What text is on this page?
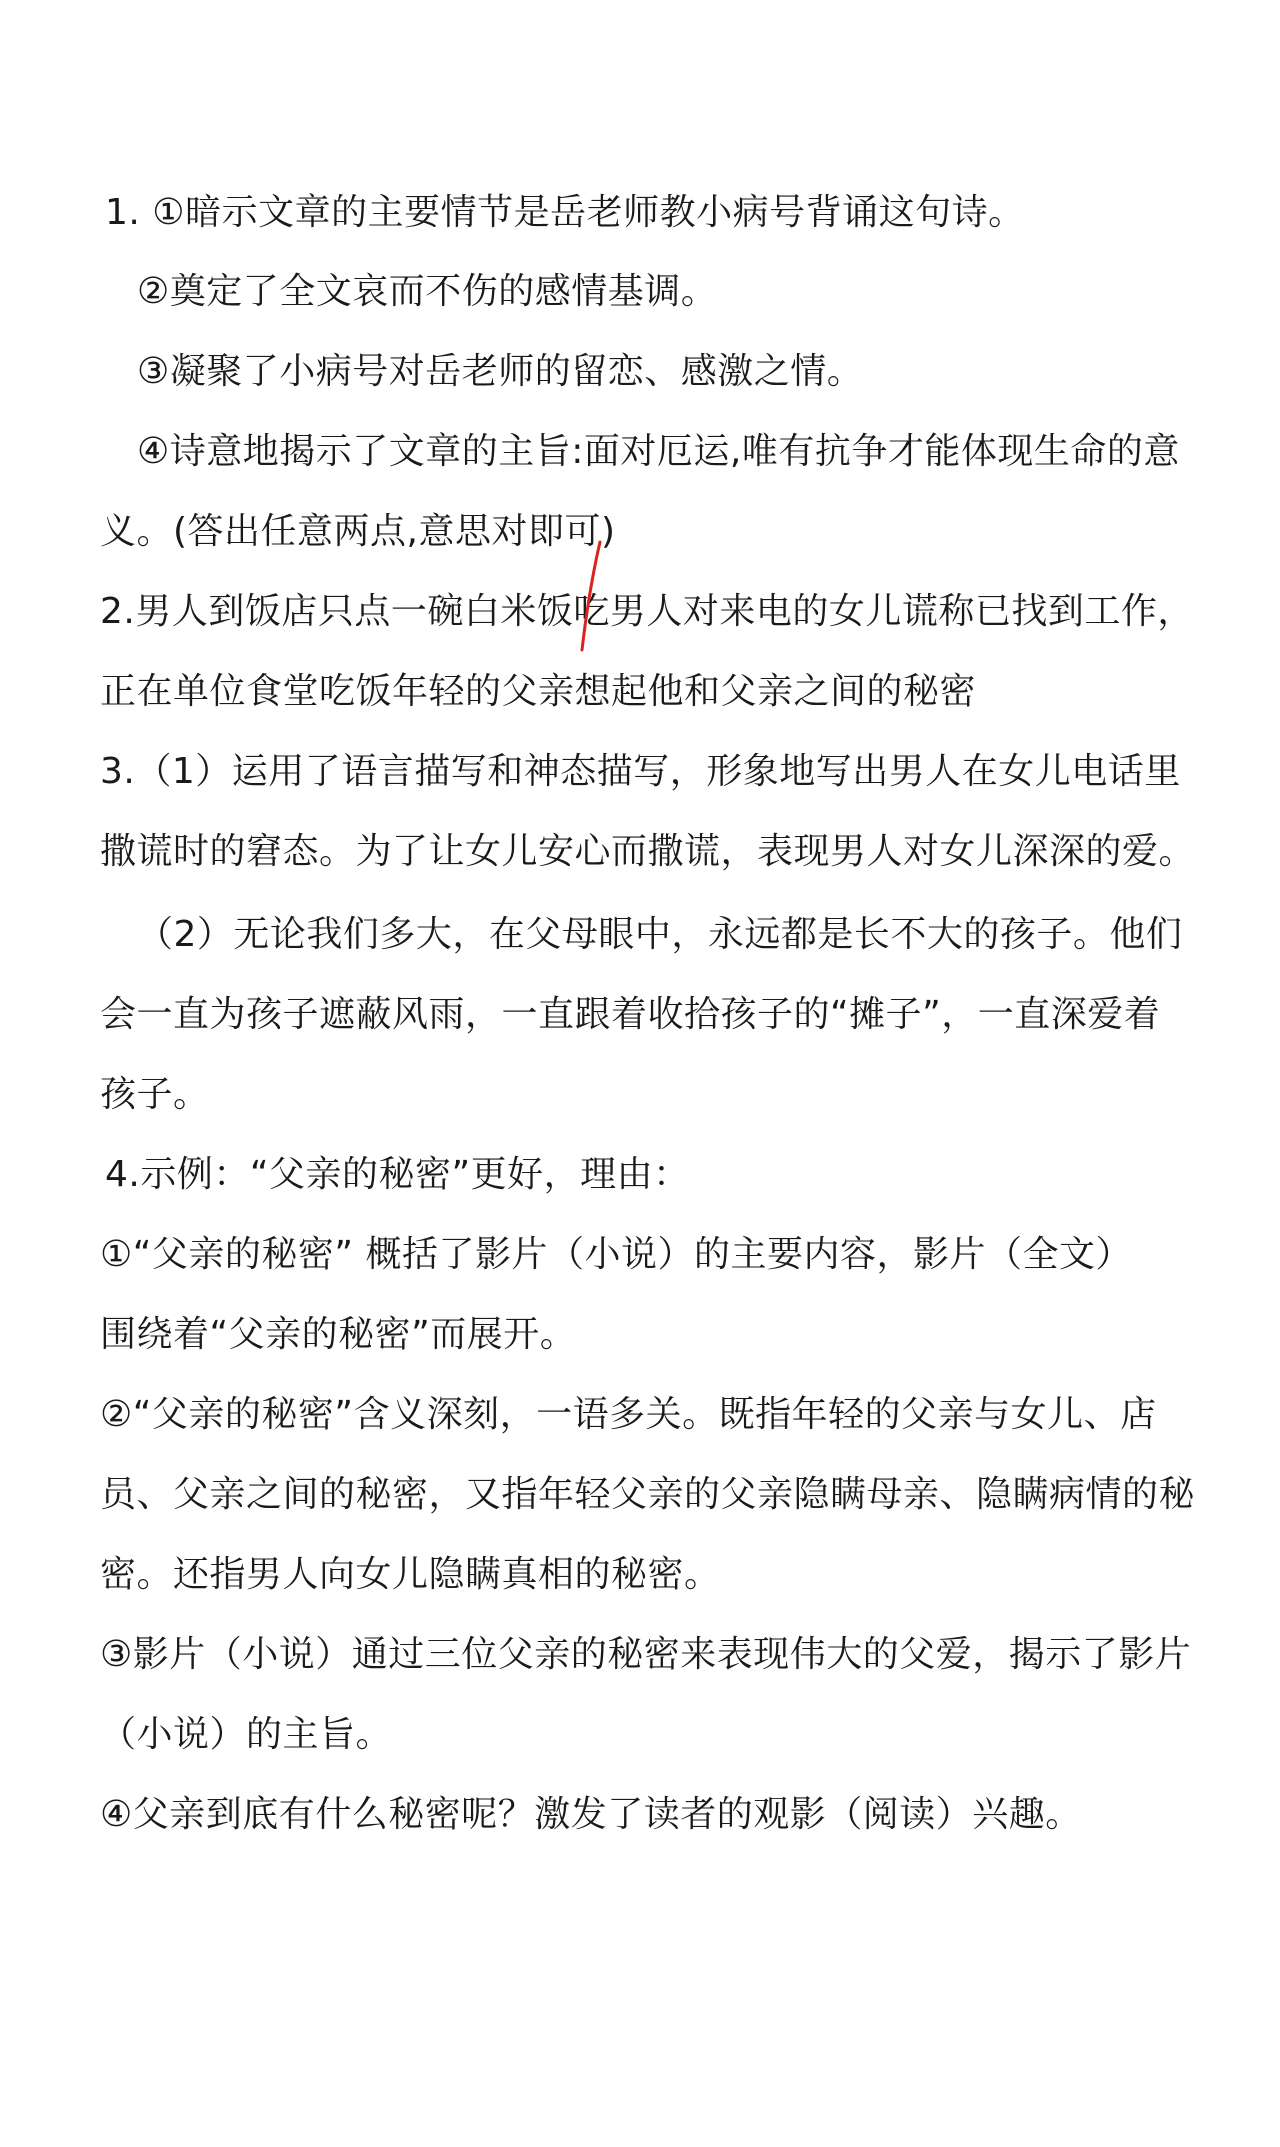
1. ①暗示文章的主要情节是岳老师教小病号背诵这句诗。
②奠定了全文哀而不伤的感情基调。
③凝聚了小病号对岳老师的留恋、感激之情。
④诗意地揭示了文章的主旨:面对厄运,唯有抗争才能体现生命的意
义。(答出任意两点,意思对即可)
2.男人到饭店只点一碗白米饭吃男人对来电的女儿谎称已找到工作，
正在单位食堂吃饭年轻的父亲想起他和父亲之间的秘密
3.（1）运用了语言描写和神态描写，形象地写出男人在女儿电话里
撒谎时的窘态。为了让女儿安心而撒谎，表现男人对女儿深深的爱。
（2）无论我们多大，在父母眼中，永远都是长不大的孩子。他们
会一直为孩子遮蔽风雨，一直跟着收拾孩子的“摊子”，一直深爱着
孩子。
4.示例：“父亲的秘密”更好，理由：
①“父亲的秘密” 概括了影片（小说）的主要内容，影片（全文）
围绕着“父亲的秘密”而展开。
②“父亲的秘密”含义深刻，一语多关。既指年轻的父亲与女儿、店
员、父亲之间的秘密，又指年轻父亲的父亲隐瞒母亲、隐瞒病情的秘
密。还指男人向女儿隐瞒真相的秘密。
③影片（小说）通过三位父亲的秘密来表现伟大的父爱，揭示了影片
（小说）的主旨。
④父亲到底有什么秘密呢？激发了读者的观影（阅读）兴趣。
